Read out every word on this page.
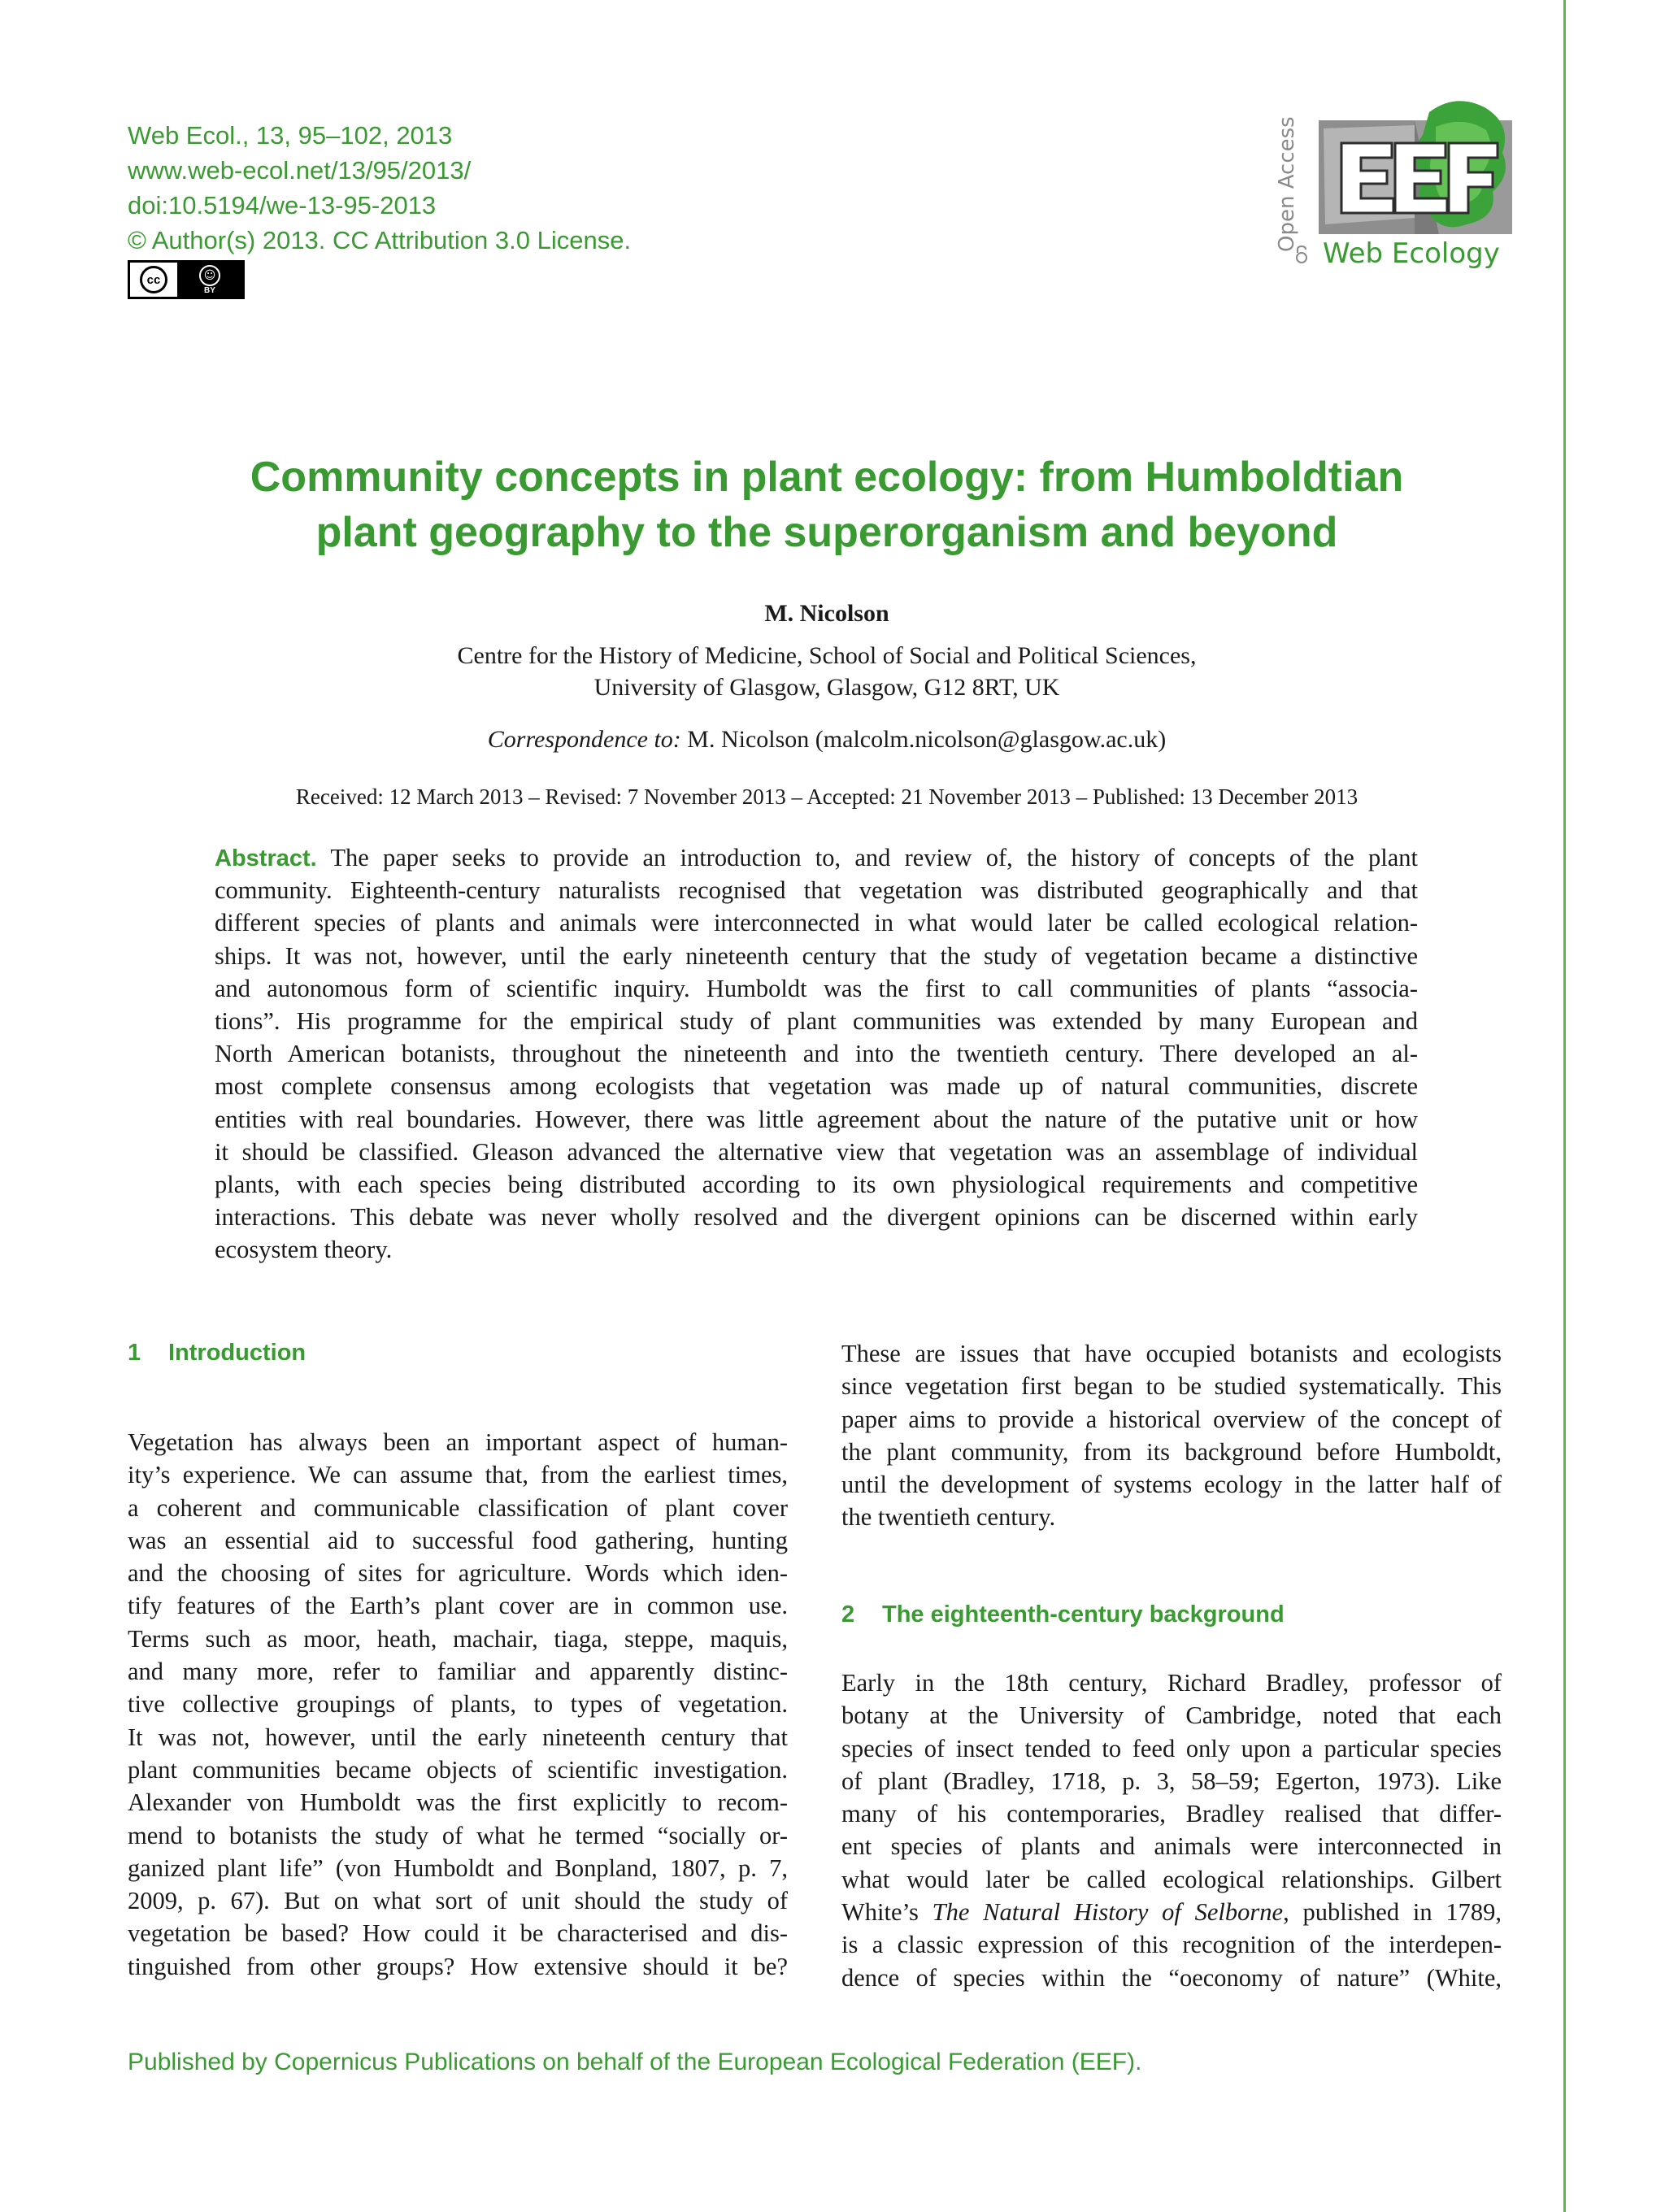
Web Ecol., 13, 95–102, 2013
www.web-ecol.net/13/95/2013/
doi:10.5194/we-13-95-2013
© Author(s) 2013. CC Attribution 3.0 License.
cc	☺
BY
EEF
Open Access
Web Ecology
Community concepts in plant ecology: from Humboldtian
plant geography to the superorganism and beyond
M. Nicolson
Centre for the History of Medicine, School of Social and Political Sciences,
University of Glasgow, Glasgow, G12 8RT, UK
Correspondence to: M. Nicolson (malcolm.nicolson@glasgow.ac.uk)
Received: 12 March 2013 – Revised: 7 November 2013 – Accepted: 21 November 2013 – Published: 13 December 2013
Abstract. The paper seeks to provide an introduction to, and review of, the history of concepts of the plant
community. Eighteenth-century naturalists recognised that vegetation was distributed geographically and that
different species of plants and animals were interconnected in what would later be called ecological relation-
ships. It was not, however, until the early nineteenth century that the study of vegetation became a distinctive
and autonomous form of scientific inquiry. Humboldt was the first to call communities of plants “associa-
tions”. His programme for the empirical study of plant communities was extended by many European and
North American botanists, throughout the nineteenth and into the twentieth century. There developed an al-
most complete consensus among ecologists that vegetation was made up of natural communities, discrete
entities with real boundaries. However, there was little agreement about the nature of the putative unit or how
it should be classified. Gleason advanced the alternative view that vegetation was an assemblage of individual
plants, with each species being distributed according to its own physiological requirements and competitive
interactions. This debate was never wholly resolved and the divergent opinions can be discerned within early
ecosystem theory.
1 Introduction
Vegetation has always been an important aspect of human-
ity’s experience. We can assume that, from the earliest times,
a coherent and communicable classification of plant cover
was an essential aid to successful food gathering, hunting
and the choosing of sites for agriculture. Words which iden-
tify features of the Earth’s plant cover are in common use.
Terms such as moor, heath, machair, tiaga, steppe, maquis,
and many more, refer to familiar and apparently distinc-
tive collective groupings of plants, to types of vegetation.
It was not, however, until the early nineteenth century that
plant communities became objects of scientific investigation.
Alexander von Humboldt was the first explicitly to recom-
mend to botanists the study of what he termed “socially or-
ganized plant life” (von Humboldt and Bonpland, 1807, p. 7,
2009, p. 67). But on what sort of unit should the study of
vegetation be based? How could it be characterised and dis-
tinguished from other groups? How extensive should it be?
These are issues that have occupied botanists and ecologists
since vegetation first began to be studied systematically. This
paper aims to provide a historical overview of the concept of
the plant community, from its background before Humboldt,
until the development of systems ecology in the latter half of
the twentieth century.
2 The eighteenth-century background
Early in the 18th century, Richard Bradley, professor of
botany at the University of Cambridge, noted that each
species of insect tended to feed only upon a particular species
of plant (Bradley, 1718, p. 3, 58–59; Egerton, 1973). Like
many of his contemporaries, Bradley realised that differ-
ent species of plants and animals were interconnected in
what would later be called ecological relationships. Gilbert
White’s The Natural History of Selborne, published in 1789,
is a classic expression of this recognition of the interdepen-
dence of species within the “oeconomy of nature” (White,
Published by Copernicus Publications on behalf of the European Ecological Federation (EEF).
